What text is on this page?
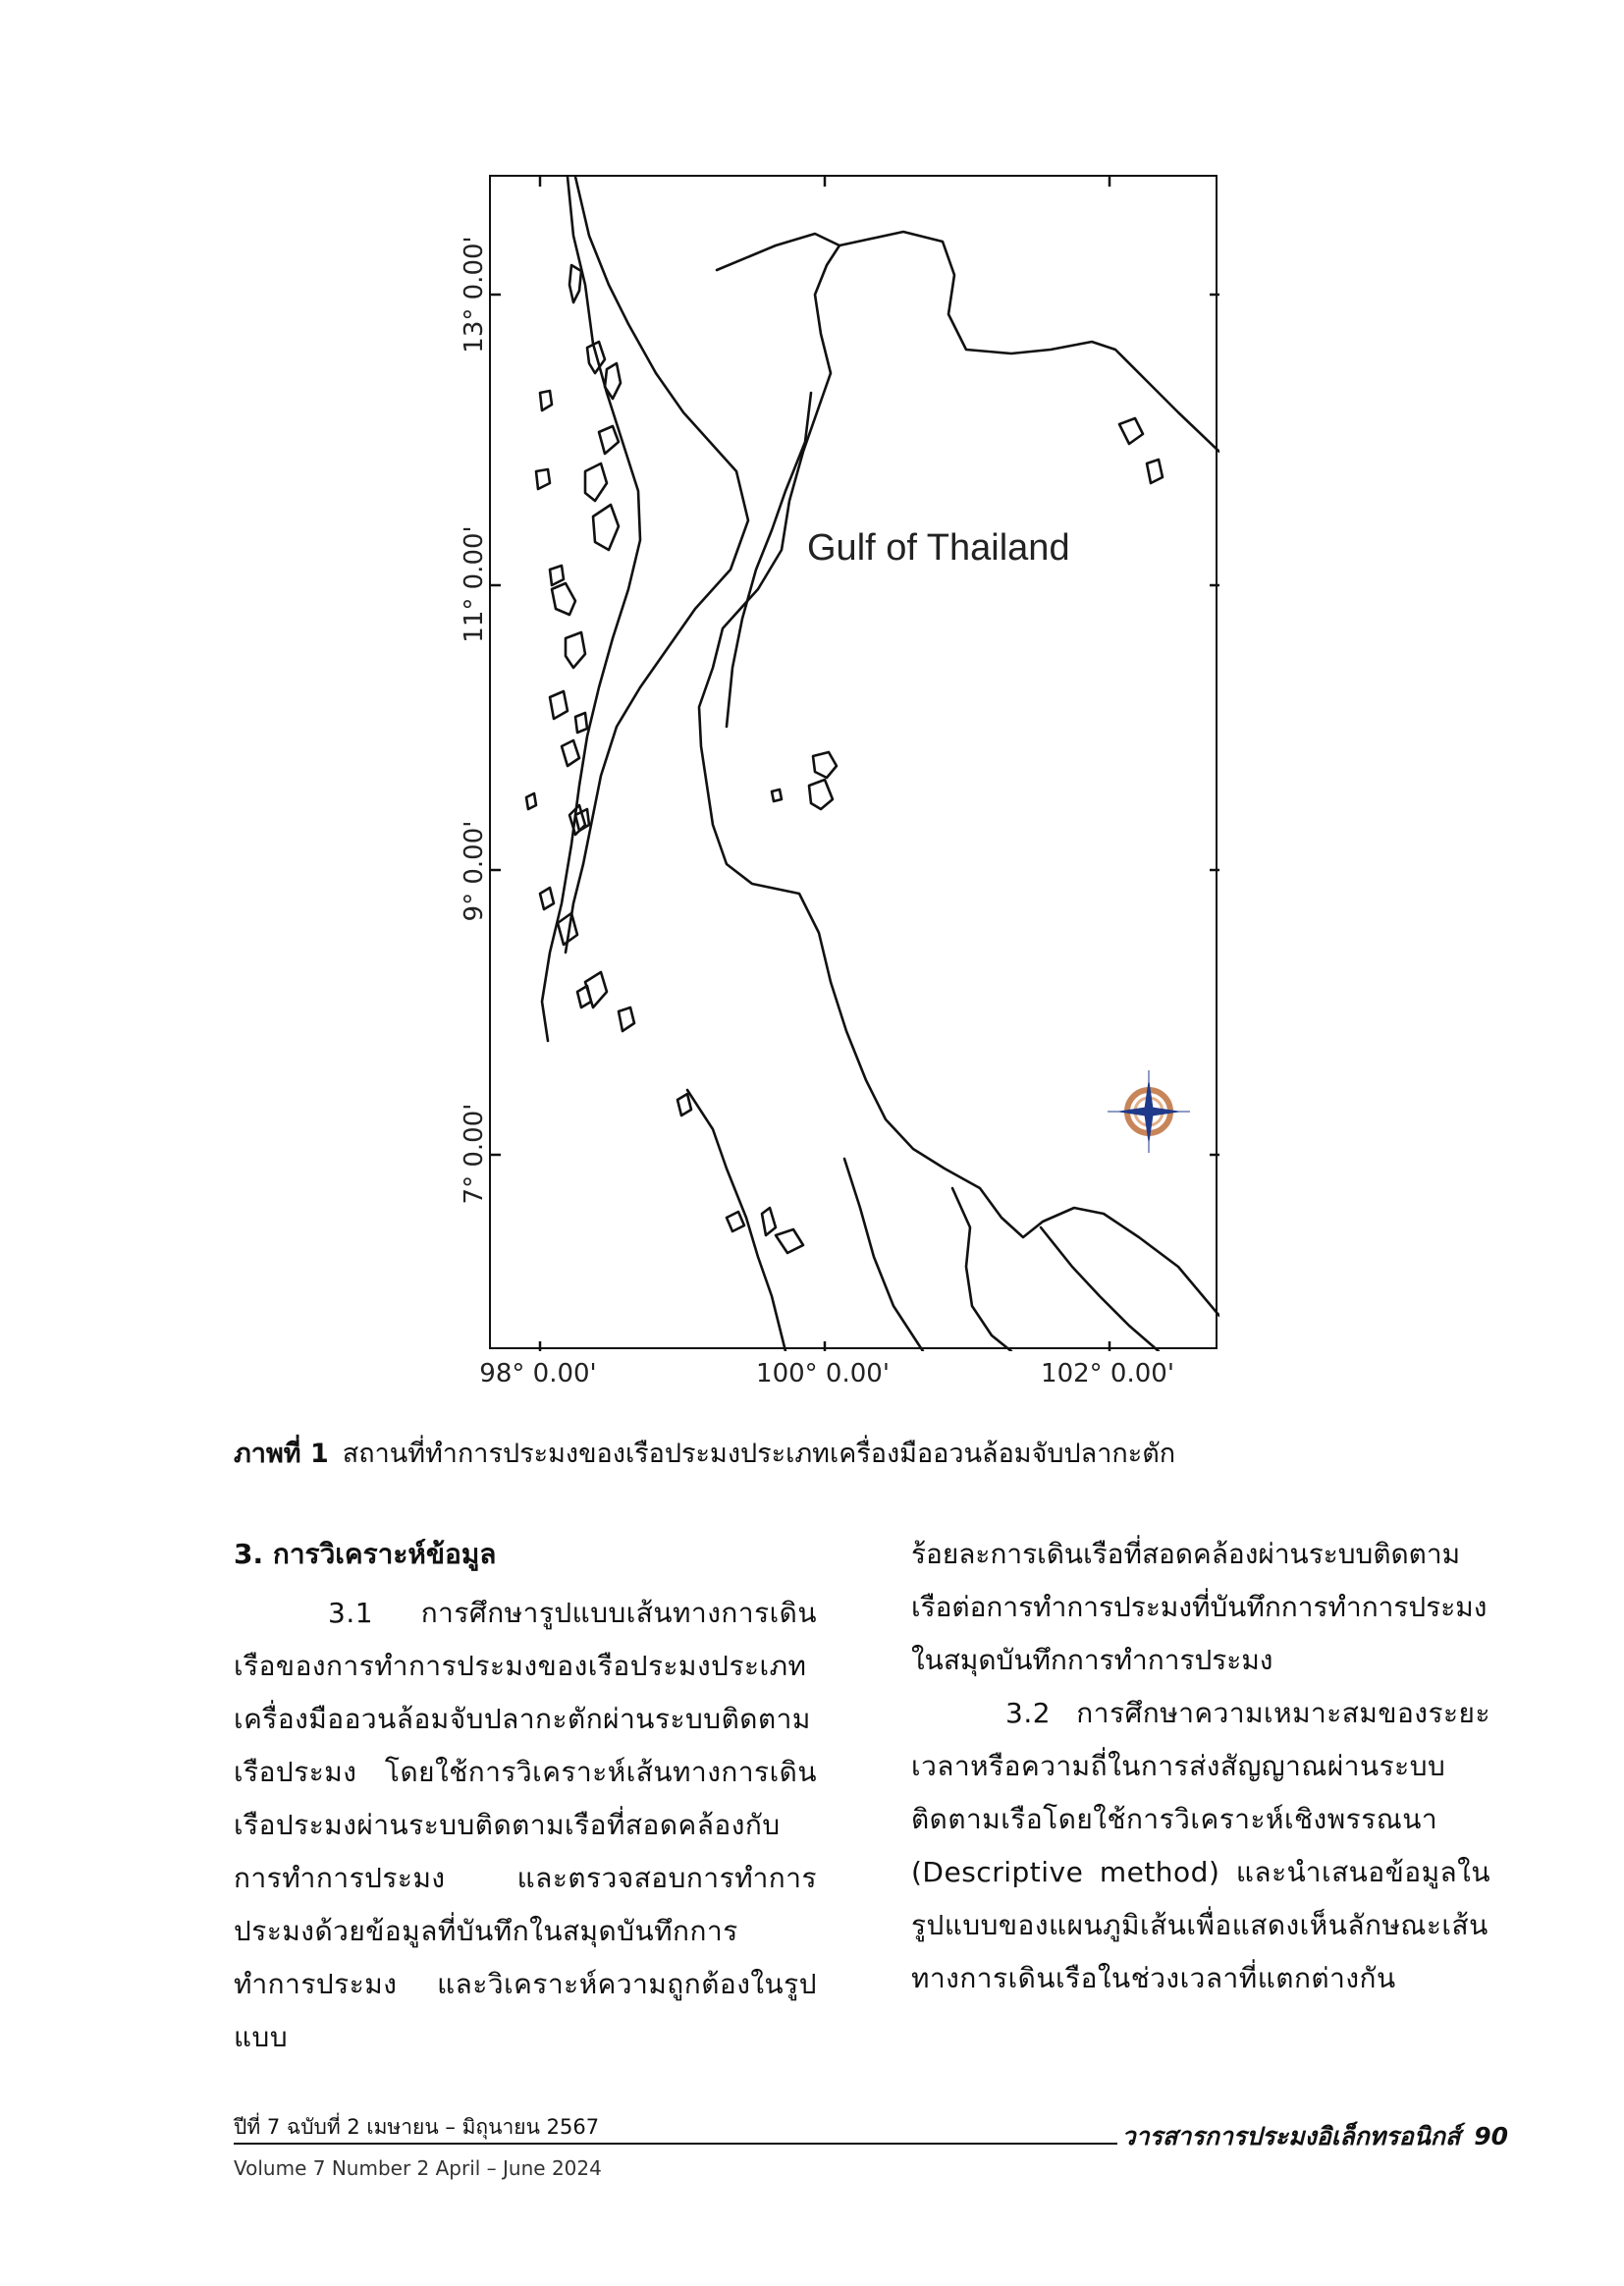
Gulf of Thailand
13° 0.00'
11° 0.00'
9° 0.00'
7° 0.00'
98° 0.00'	100° 0.00'	102° 0.00'
ภาพที่ 1 สถานที่ทำการประมงของเรือประมงประเภทเครื่องมืออวนล้อมจับปลากะตัก

3. การวิเคราะห์ข้อมูล

3.1 การศึกษารูปแบบเส้นทางการเดินเรือของการทำการประมงของเรือประมงประเภทเครื่องมืออวนล้อมจับปลากะตักผ่านระบบติดตามเรือประมง โดยใช้การวิเคราะห์เส้นทางการเดินเรือประมงผ่านระบบติดตามเรือที่สอดคล้องกับการทำการประมง และตรวจสอบการทำการประมงด้วยข้อมูลที่บันทึกในสมุดบันทึกการทำการประมง และวิเคราะห์ความถูกต้องในรูปแบบ

ร้อยละการเดินเรือที่สอดคล้องผ่านระบบติดตามเรือต่อการทำการประมงที่บันทึกการทำการประมงในสมุดบันทึกการทำการประมง

3.2 การศึกษาความเหมาะสมของระยะเวลาหรือความถี่ในการส่งสัญญาณผ่านระบบติดตามเรือโดยใช้การวิเคราะห์เชิงพรรณนา (Descriptive method) และนำเสนอข้อมูลในรูปแบบของแผนภูมิเส้นเพื่อแสดงเห็นลักษณะเส้นทางการเดินเรือในช่วงเวลาที่แตกต่างกัน

ปีที่ 7 ฉบับที่ 2 เมษายน – มิถุนายน 2567
Volume 7 Number 2 April – June 2024
วารสารการประมงอิเล็กทรอนิกส์ 90
